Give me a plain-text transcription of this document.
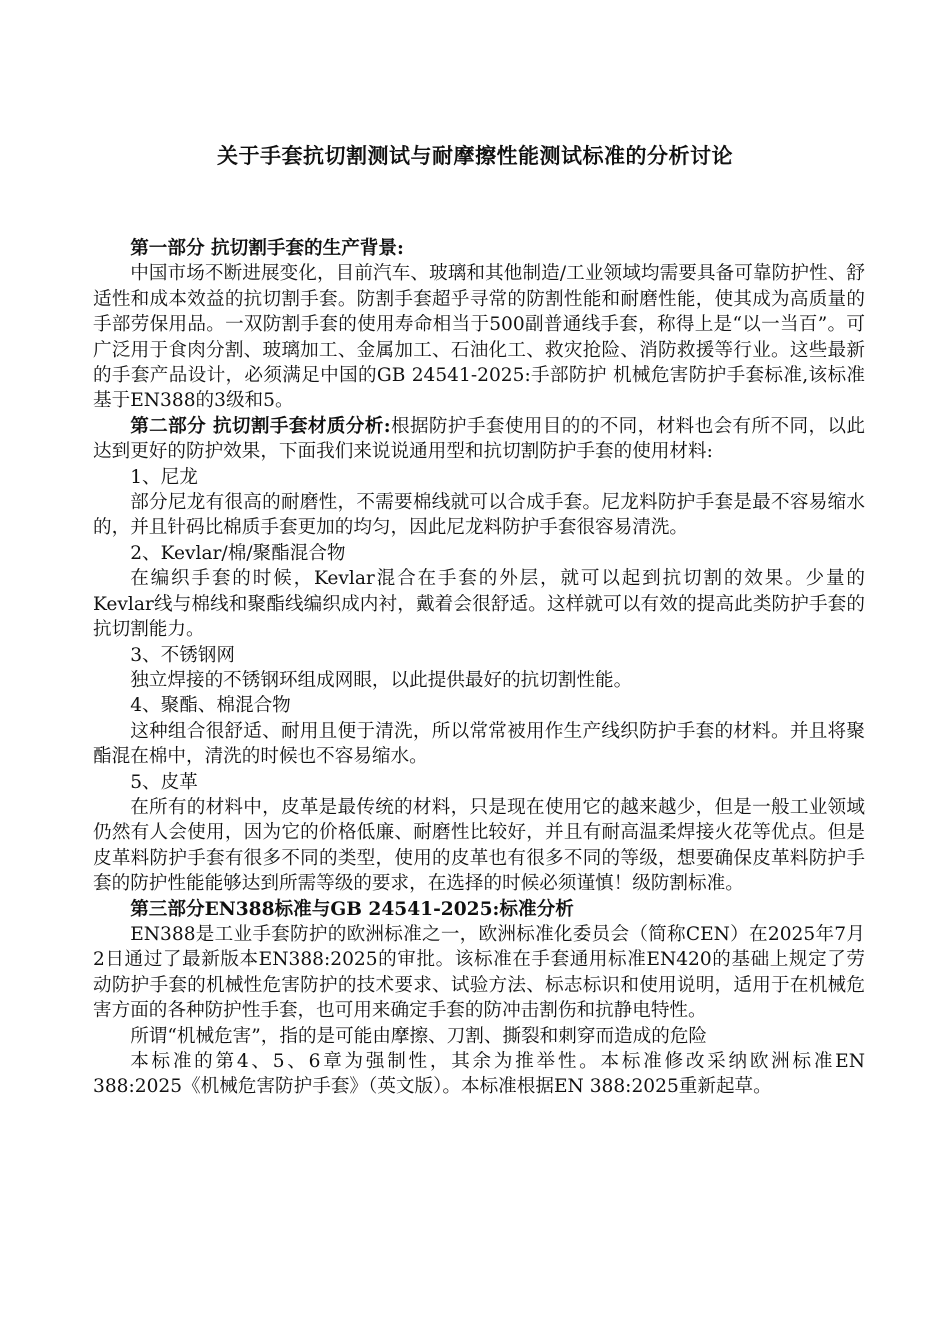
关于手套抗切割测试与耐摩擦性能测试标准的分析讨论

第一部分 抗切割手套的生产背景:

中国市场不断进展变化，目前汽车、玻璃和其他制造/工业领域均需要具备可靠防护性、舒适性和成本效益的抗切割手套。防割手套超乎寻常的防割性能和耐磨性能，使其成为高质量的手部劳保用品。一双防割手套的使用寿命相当于500副普通线手套，称得上是“以一当百”。可广泛用于食肉分割、玻璃加工、金属加工、石油化工、救灾抢险、消防救援等行业。这些最新的手套产品设计，必须满足中国的GB 24541-2025:手部防护 机械危害防护手套标准,该标准基于EN388的3级和5。

第二部分 抗切割手套材质分析:根据防护手套使用目的的不同，材料也会有所不同，以此达到更好的防护效果，下面我们来说说通用型和抗切割防护手套的使用材料:

1、尼龙

部分尼龙有很高的耐磨性，不需要棉线就可以合成手套。尼龙料防护手套是最不容易缩水的，并且针码比棉质手套更加的均匀，因此尼龙料防护手套很容易清洗。

2、Kevlar/棉/聚酯混合物

在编织手套的时候，Kevlar混合在手套的外层，就可以起到抗切割的效果。少量的Kevlar线与棉线和聚酯线编织成内衬，戴着会很舒适。这样就可以有效的提高此类防护手套的抗切割能力。

3、不锈钢网

独立焊接的不锈钢环组成网眼，以此提供最好的抗切割性能。

4、聚酯、棉混合物

这种组合很舒适、耐用且便于清洗，所以常常被用作生产线织防护手套的材料。并且将聚酯混在棉中，清洗的时候也不容易缩水。

5、皮革

在所有的材料中，皮革是最传统的材料，只是现在使用它的越来越少，但是一般工业领域仍然有人会使用，因为它的价格低廉、耐磨性比较好，并且有耐高温柔焊接火花等优点。但是皮革料防护手套有很多不同的类型，使用的皮革也有很多不同的等级，想要确保皮革料防护手套的防护性能能够达到所需等级的要求，在选择的时候必须谨慎！级防割标准。

第三部分EN388标准与GB 24541-2025:标准分析

EN388是工业手套防护的欧洲标准之一，欧洲标准化委员会（简称CEN）在2025年7月2日通过了最新版本EN388:2025的审批。该标准在手套通用标准EN420的基础上规定了劳动防护手套的机械性危害防护的技术要求、试验方法、标志标识和使用说明，适用于在机械危害方面的各种防护性手套，也可用来确定手套的防冲击割伤和抗静电特性。

所谓“机械危害”，指的是可能由摩擦、刀割、撕裂和刺穿而造成的危险

本标准的第4、5、6章为强制性，其余为推举性。本标准修改采纳欧洲标准EN 388:2025《机械危害防护手套》（英文版）。本标准根据EN 388:2025重新起草。
